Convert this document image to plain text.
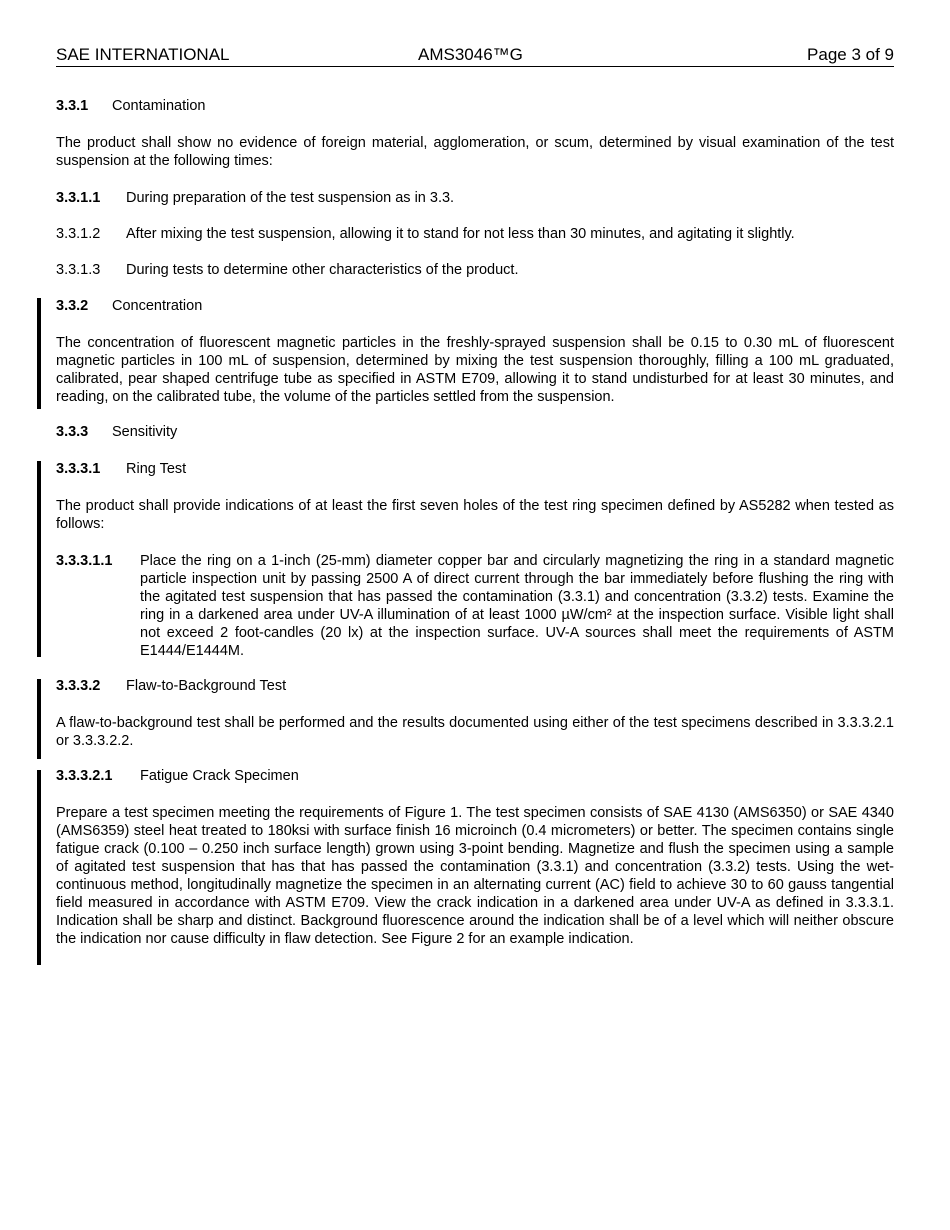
SAE INTERNATIONAL	AMS3046™G	Page 3 of 9
3.3.1 Contamination
The product shall show no evidence of foreign material, agglomeration, or scum, determined by visual examination of the test suspension at the following times:
3.3.1.1 During preparation of the test suspension as in 3.3.
3.3.1.2 After mixing the test suspension, allowing it to stand for not less than 30 minutes, and agitating it slightly.
3.3.1.3 During tests to determine other characteristics of the product.
3.3.2 Concentration
The concentration of fluorescent magnetic particles in the freshly-sprayed suspension shall be 0.15 to 0.30 mL of fluorescent magnetic particles in 100 mL of suspension, determined by mixing the test suspension thoroughly, filling a 100 mL graduated, calibrated, pear shaped centrifuge tube as specified in ASTM E709, allowing it to stand undisturbed for at least 30 minutes, and reading, on the calibrated tube, the volume of the particles settled from the suspension.
3.3.3 Sensitivity
3.3.3.1 Ring Test
The product shall provide indications of at least the first seven holes of the test ring specimen defined by AS5282 when tested as follows:
3.3.3.1.1 Place the ring on a 1-inch (25-mm) diameter copper bar and circularly magnetizing the ring in a standard magnetic particle inspection unit by passing 2500 A of direct current through the bar immediately before flushing the ring with the agitated test suspension that has passed the contamination (3.3.1) and concentration (3.3.2) tests. Examine the ring in a darkened area under UV-A illumination of at least 1000 µW/cm² at the inspection surface. Visible light shall not exceed 2 foot-candles (20 lx) at the inspection surface. UV-A sources shall meet the requirements of ASTM E1444/E1444M.
3.3.3.2 Flaw-to-Background Test
A flaw-to-background test shall be performed and the results documented using either of the test specimens described in 3.3.3.2.1 or 3.3.3.2.2.
3.3.3.2.1 Fatigue Crack Specimen
Prepare a test specimen meeting the requirements of Figure 1. The test specimen consists of SAE 4130 (AMS6350) or SAE 4340 (AMS6359) steel heat treated to 180ksi with surface finish 16 microinch (0.4 micrometers) or better. The specimen contains single fatigue crack (0.100 – 0.250 inch surface length) grown using 3-point bending. Magnetize and flush the specimen using a sample of agitated test suspension that has that has passed the contamination (3.3.1) and concentration (3.3.2) tests. Using the wet-continuous method, longitudinally magnetize the specimen in an alternating current (AC) field to achieve 30 to 60 gauss tangential field measured in accordance with ASTM E709. View the crack indication in a darkened area under UV-A as defined in 3.3.3.1. Indication shall be sharp and distinct. Background fluorescence around the indication shall be of a level which will neither obscure the indication nor cause difficulty in flaw detection. See Figure 2 for an example indication.
